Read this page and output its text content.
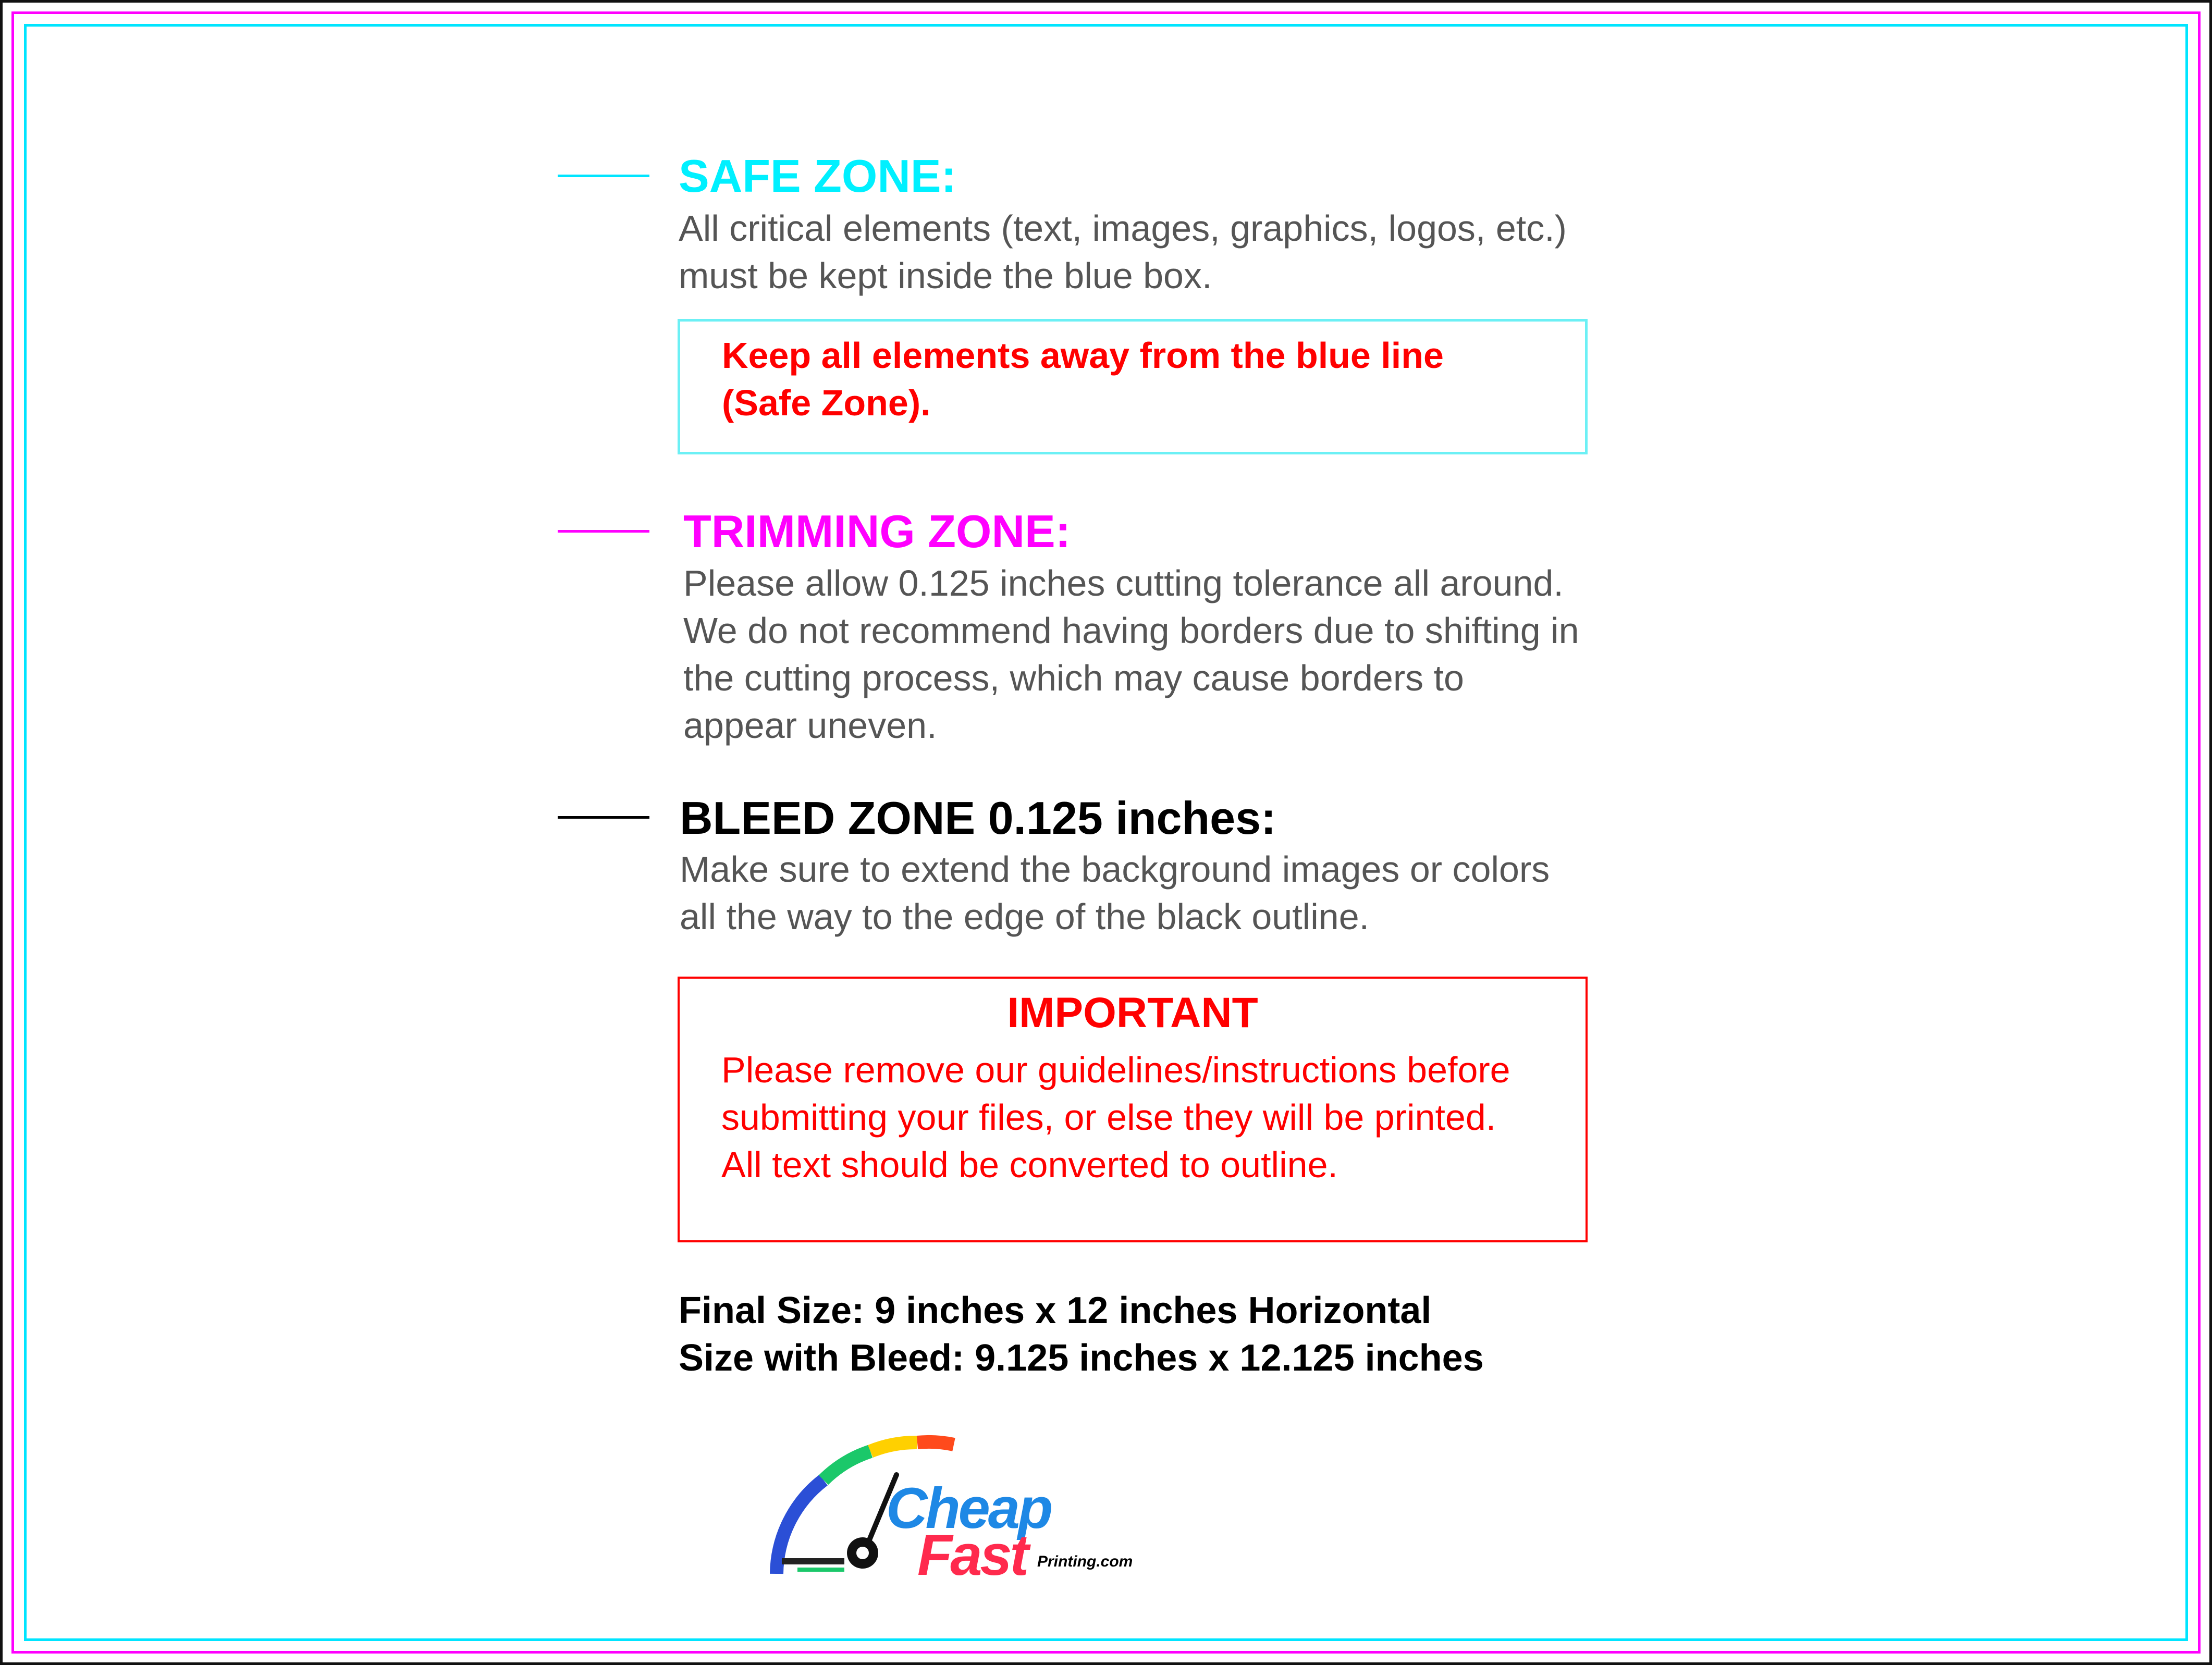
SAFE ZONE:

All critical elements (text, images, graphics, logos, etc.)

must be kept inside the blue box.

Keep all elements away from the blue line

(Safe Zone).

TRIMMING ZONE:

Please allow 0.125 inches cutting tolerance all around.

We do not recommend having borders due to shifting in

the cutting process, which may cause borders to

appear uneven.

BLEED ZONE 0.125 inches:

Make sure to extend the background images or colors

all the way to the edge of the black outline.

IMPORTANT

Please remove our guidelines/instructions before

submitting your files, or else they will be printed.

All text should be converted to outline.

Final Size: 9 inches x 12 inches Horizontal

Size with Bleed: 9.125 inches x 12.125 inches

Cheap
Fast Printing.com
